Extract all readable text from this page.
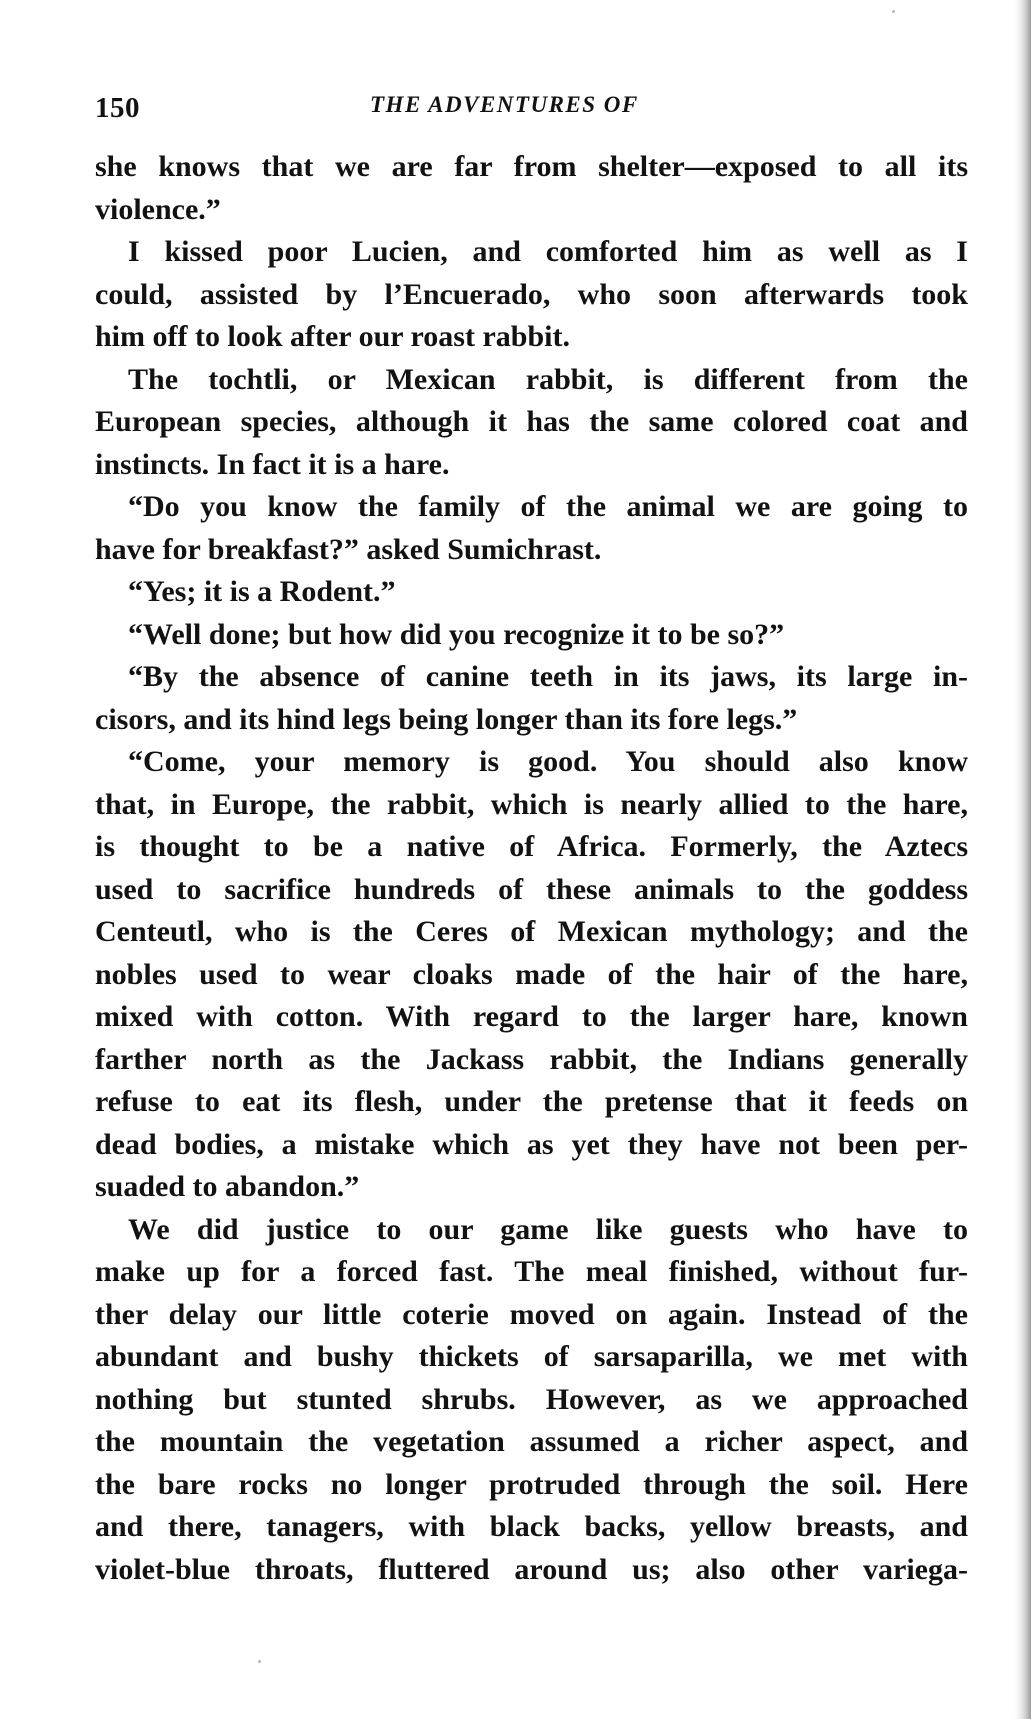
150	THE ADVENTURES OF
she knows that we are far from shelter—exposed to all its
violence.”
I kissed poor Lucien, and comforted him as well as I
could, assisted by l’Encuerado, who soon afterwards took
him off to look after our roast rabbit.
The tochtli, or Mexican rabbit, is different from the
European species, although it has the same colored coat and
instincts. In fact it is a hare.
“Do you know the family of the animal we are going to
have for breakfast?” asked Sumichrast.
“Yes; it is a Rodent.”
“Well done; but how did you recognize it to be so?”
“By the absence of canine teeth in its jaws, its large in-
cisors, and its hind legs being longer than its fore legs.”
“Come, your memory is good. You should also know
that, in Europe, the rabbit, which is nearly allied to the hare,
is thought to be a native of Africa. Formerly, the Aztecs
used to sacrifice hundreds of these animals to the goddess
Centeutl, who is the Ceres of Mexican mythology; and the
nobles used to wear cloaks made of the hair of the hare,
mixed with cotton. With regard to the larger hare, known
farther north as the Jackass rabbit, the Indians generally
refuse to eat its flesh, under the pretense that it feeds on
dead bodies, a mistake which as yet they have not been per-
suaded to abandon.”
We did justice to our game like guests who have to
make up for a forced fast. The meal finished, without fur-
ther delay our little coterie moved on again. Instead of the
abundant and bushy thickets of sarsaparilla, we met with
nothing but stunted shrubs. However, as we approached
the mountain the vegetation assumed a richer aspect, and
the bare rocks no longer protruded through the soil. Here
and there, tanagers, with black backs, yellow breasts, and
violet-blue throats, fluttered around us; also other variega-
